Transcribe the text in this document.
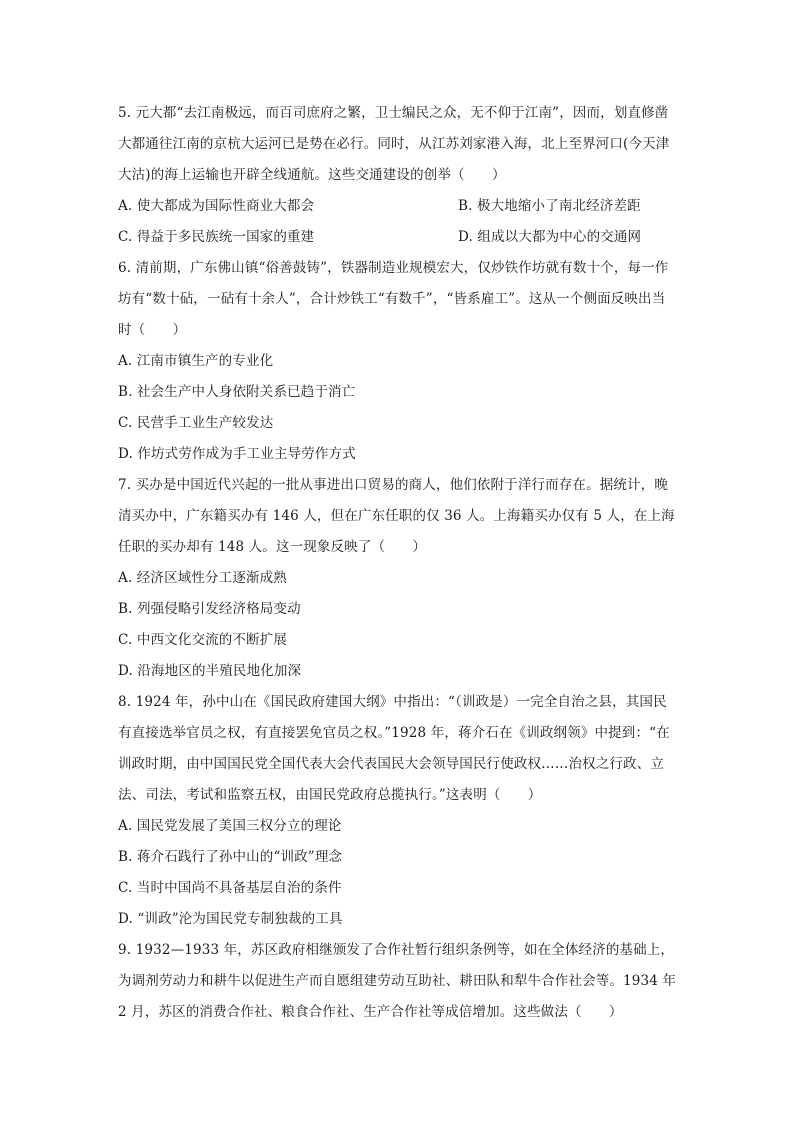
5. 元大都“去江南极远，而百司庶府之繁，卫士编民之众，无不仰于江南”，因而，划直修凿大都通往江南的京杭大运河已是势在必行。同时，从江苏刘家港入海，北上至界河口(今天津大沽)的海上运输也开辟全线通航。这些交通建设的创举（　　）

A. 使大都成为国际性商业大都会	B. 极大地缩小了南北经济差距
C. 得益于多民族统一国家的重建	D. 组成以大都为中心的交通网

6. 清前期，广东佛山镇“俗善鼓铸”，铁器制造业规模宏大，仅炒铁作坊就有数十个，每一作坊有“数十砧，一砧有十余人”，合计炒铁工“有数千”，“皆系雇工”。这从一个侧面反映出当时（　　）

A. 江南市镇生产的专业化

B. 社会生产中人身依附关系已趋于消亡

C. 民营手工业生产较发达

D. 作坊式劳作成为手工业主导劳作方式

7. 买办是中国近代兴起的一批从事进出口贸易的商人，他们依附于洋行而存在。据统计，晚清买办中，广东籍买办有 146 人，但在广东任职的仅 36 人。上海籍买办仅有 5 人，在上海任职的买办却有 148 人。这一现象反映了（　　）

A. 经济区域性分工逐渐成熟

B. 列强侵略引发经济格局变动

C. 中西文化交流的不断扩展

D. 沿海地区的半殖民地化加深

8. 1924 年，孙中山在《国民政府建国大纲》中指出：“（训政是）一完全自治之县，其国民有直接选举官员之权，有直接罢免官员之权。”1928 年，蒋介石在《训政纲领》中提到：“在训政时期，由中国国民党全国代表大会代表国民大会领导国民行使政权……治权之行政、立法、司法，考试和监察五权，由国民党政府总揽执行。”这表明（　　）

A. 国民党发展了美国三权分立的理论

B. 蒋介石践行了孙中山的“训政”理念

C. 当时中国尚不具备基层自治的条件

D. “训政”沦为国民党专制独裁的工具

9. 1932—1933 年，苏区政府相继颁发了合作社暂行组织条例等，如在全体经济的基础上，为调剂劳动力和耕牛以促进生产而自愿组建劳动互助社、耕田队和犁牛合作社会等。1934 年 2 月，苏区的消费合作社、粮食合作社、生产合作社等成倍增加。这些做法（　　）
